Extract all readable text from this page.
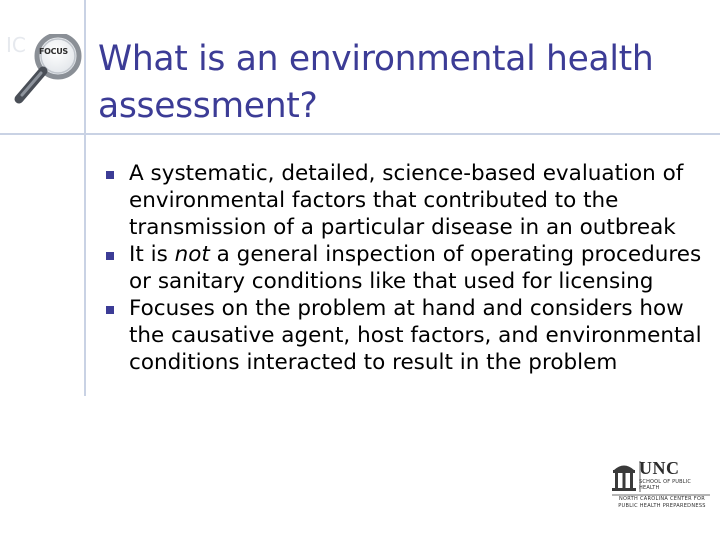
IC FOCUS What is an environmental health assessment?
A systematic, detailed, science-based evaluation of environmental factors that contributed to the transmission of a particular disease in an outbreak
It is not a general inspection of operating procedures or sanitary conditions like that used for licensing
Focuses on the problem at hand and considers how the causative agent, host factors, and environmental conditions interacted to result in the problem
UNC
SCHOOL OF PUBLIC HEALTH
NORTH CAROLINA CENTER FOR PUBLIC HEALTH PREPAREDNESS
